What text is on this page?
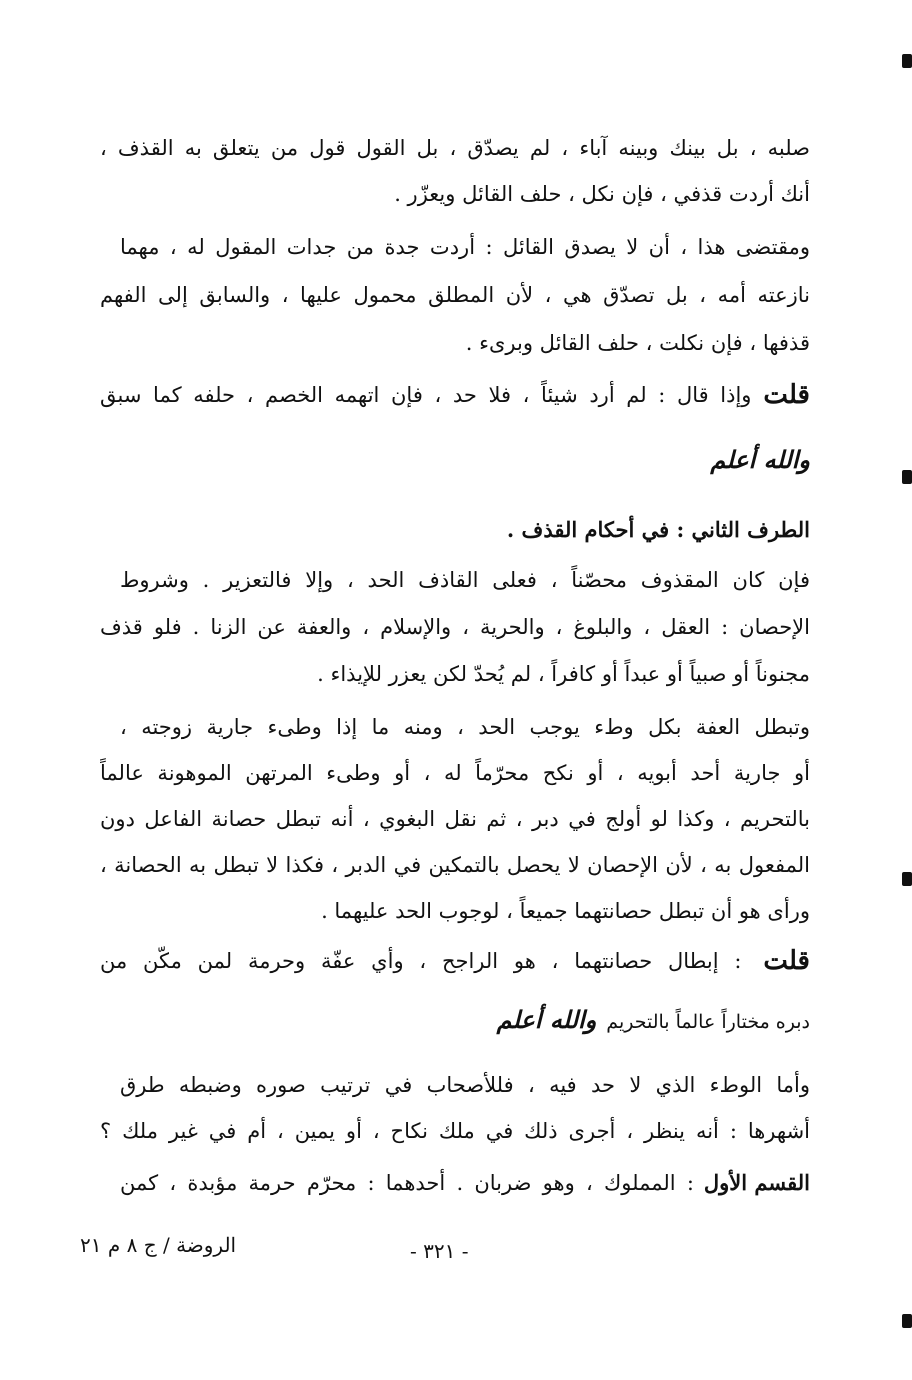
صلبه ، بل بينك وبينه آباء ، لم يصدّق ، بل القول قول من يتعلق به القذف ،
أنك أردت قذفي ، فإن نكل ، حلف القائل ويعزّر .
ومقتضى هذا ، أن لا يصدق القائل : أردت جدة من جدات المقول له ، مهما
نازعته أمه ، بل تصدّق هي ، لأن المطلق محمول عليها ، والسابق إلى الفهم
قذفها ، فإن نكلت ، حلف القائل وبرىء .
قلت
وإذا قال : لم أرد شيئاً ، فلا حد ، فإن اتهمه الخصم ، حلفه كما سبق
والله أعلم
الطرف الثاني : في أحكام القذف .
فإن كان المقذوف محصّناً ، فعلى القاذف الحد ، وإلا فالتعزير . وشروط
الإحصان : العقل ، والبلوغ ، والحرية ، والإسلام ، والعفة عن الزنا . فلو قذف
مجنوناً أو صبياً أو عبداً أو كافراً ، لم يُحدّ لكن يعزر للإيذاء .
وتبطل العفة بكل وطء يوجب الحد ، ومنه ما إذا وطىء جارية زوجته ،
أو جارية أحد أبويه ، أو نكح محرّماً له ، أو وطىء المرتهن الموهونة عالماً
بالتحريم ، وكذا لو أولج في دبر ، ثم نقل البغوي ، أنه تبطل حصانة الفاعل دون
المفعول به ، لأن الإحصان لا يحصل بالتمكين في الدبر ، فكذا لا تبطل به الحصانة ،
ورأى هو أن تبطل حصانتهما جميعاً ، لوجوب الحد عليهما .
قلت
: إبطال حصانتهما ، هو الراجح ، وأي عفّة وحرمة لمن مكّن من
دبره مختاراً عالماً بالتحريم
والله أعلم
وأما الوطء الذي لا حد فيه ، فللأصحاب في ترتيب صوره وضبطه طرق
أشهرها : أنه ينظر ، أجرى ذلك في ملك نكاح ، أو يمين ، أم في غير ملك ؟
القسم الأول
: المملوك ، وهو ضربان . أحدهما : محرّم حرمة مؤبدة ، كمن
- ٣٢١ -
الروضة / ج ٨ م ٢١
